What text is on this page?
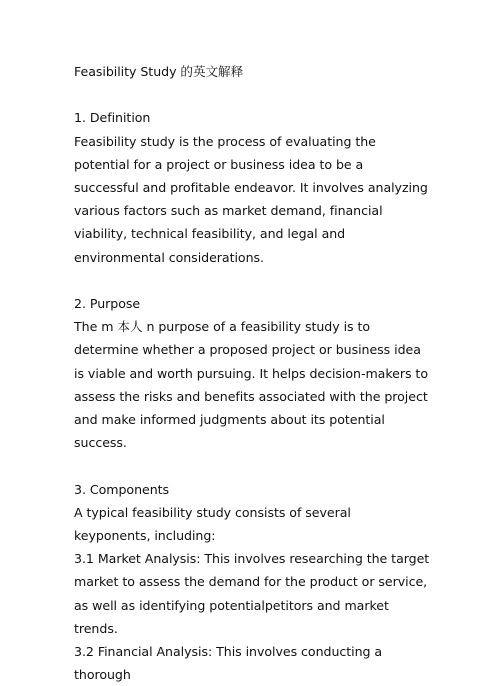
Feasibility Study 的英文解释

1. Definition

Feasibility study is the process of evaluating the potential for a project or business idea to be a successful and profitable endeavor. It involves analyzing various factors such as market demand, financial viability, technical feasibility, and legal and environmental considerations.

2. Purpose

The m 本人 n purpose of a feasibility study is to determine whether a proposed project or business idea is viable and worth pursuing. It helps decision-makers to assess the risks and benefits associated with the project and make informed judgments about its potential success.

3. Components

A typical feasibility study consists of several keyponents, including:

3.1 Market Analysis: This involves researching the target market to assess the demand for the product or service, as well as identifying potentialpetitors and market trends.

3.2 Financial Analysis: This involves conducting a thorough
